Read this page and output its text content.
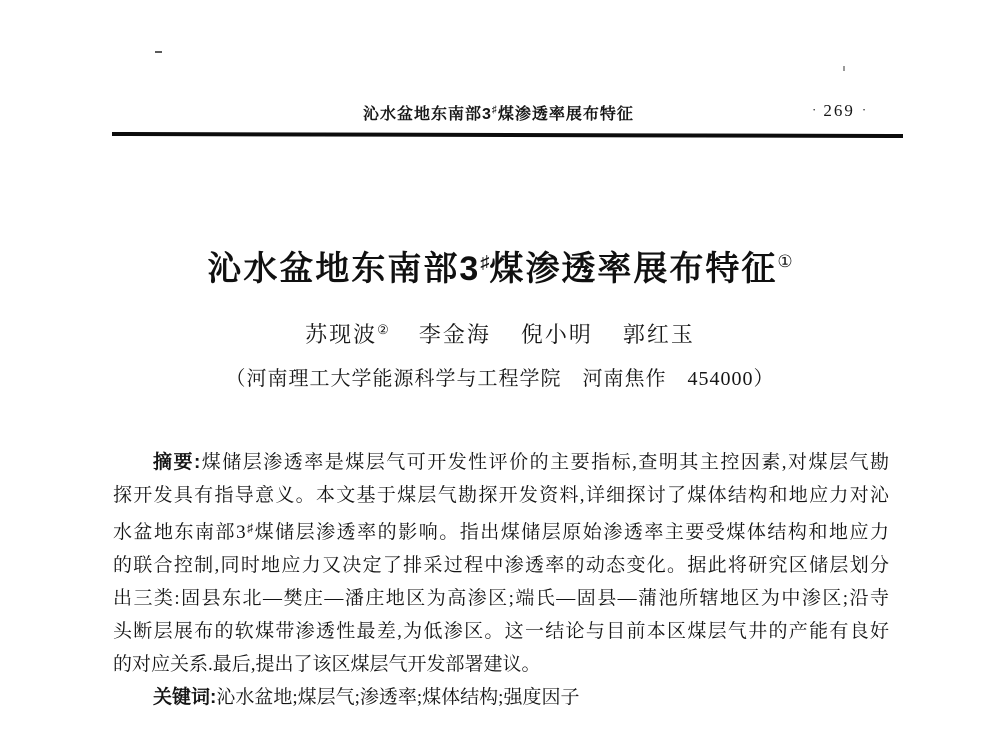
沁水盆地东南部3♯煤渗透率展布特征	· 269 ·
沁水盆地东南部3♯煤渗透率展布特征①
苏现波② 李金海 倪小明 郭红玉
（河南理工大学能源科学与工程学院　河南焦作　454000）
摘要:煤储层渗透率是煤层气可开发性评价的主要指标,查明其主控因素,对煤层气勘
探开发具有指导意义。本文基于煤层气勘探开发资料,详细探讨了煤体结构和地应力对沁
水盆地东南部3♯煤储层渗透率的影响。指出煤储层原始渗透率主要受煤体结构和地应力
的联合控制,同时地应力又决定了排采过程中渗透率的动态变化。据此将研究区储层划分
出三类:固县东北—樊庄—潘庄地区为高渗区;端氏—固县—蒲池所辖地区为中渗区;沿寺
头断层展布的软煤带渗透性最差,为低渗区。这一结论与目前本区煤层气井的产能有良好
的对应关系.最后,提出了该区煤层气开发部署建议。
关键词:沁水盆地;煤层气;渗透率;煤体结构;强度因子
